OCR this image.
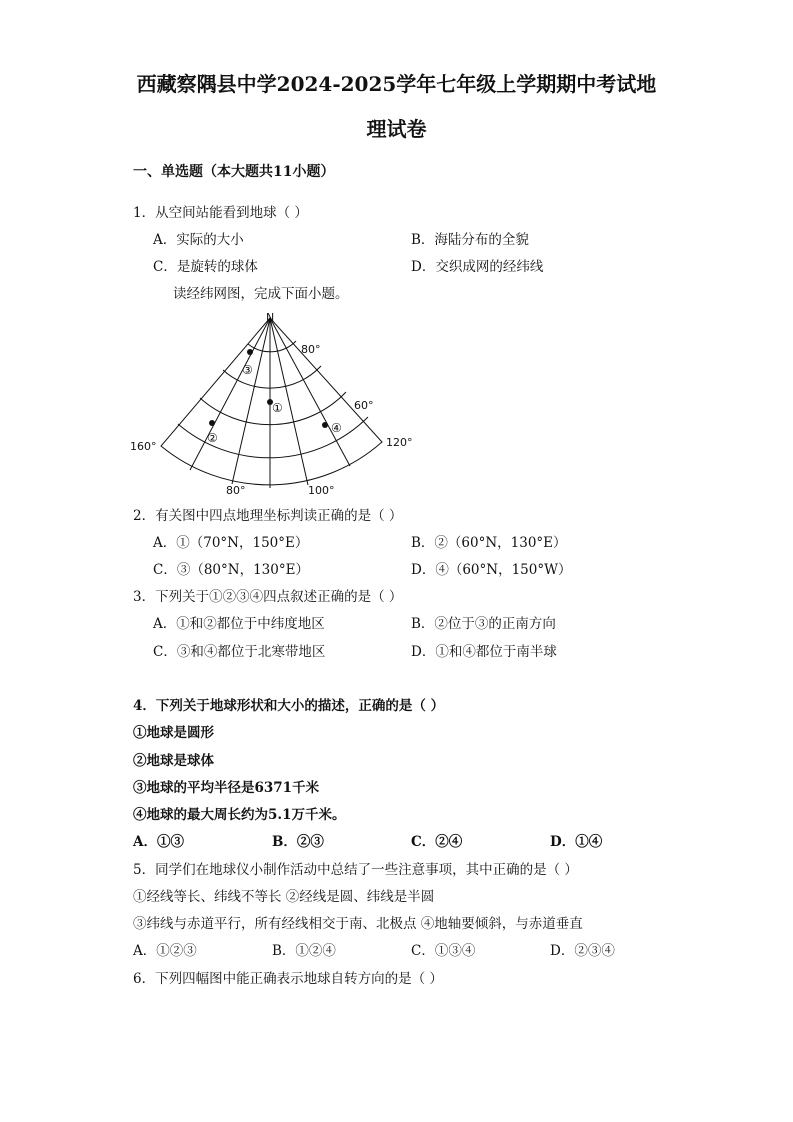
西藏察隅县中学2024-2025学年七年级上学期期中考试地
理试卷
一、单选题（本大题共11小题）
1．从空间站能看到地球（ ）
A．实际的大小	B．海陆分布的全貌
C．是旋转的球体	D．交织成网的经纬线
读经纬网图，完成下面小题。
N
80°
60°
160°	120°
80°	100°
③
①
②
④
2．有关图中四点地理坐标判读正确的是（ ）
A．①（70°N，150°E）	B．②（60°N，130°E）
C．③（80°N，130°E）	D．④（60°N，150°W）
3．下列关于①②③④四点叙述正确的是（ ）
A．①和②都位于中纬度地区	B．②位于③的正南方向
C．③和④都位于北寒带地区	D．①和④都位于南半球
4．下列关于地球形状和大小的描述，正确的是（ ）
①地球是圆形
②地球是球体
③地球的平均半径是6371千米
④地球的最大周长约为5.1万千米。
A．①③	B．②③	C．②④	D．①④
5．同学们在地球仪小制作活动中总结了一些注意事项，其中正确的是（ ）
①经线等长、纬线不等长 ②经线是圆、纬线是半圆
③纬线与赤道平行，所有经线相交于南、北极点 ④地轴要倾斜，与赤道垂直
A．①②③	B．①②④	C．①③④	D．②③④
6．下列四幅图中能正确表示地球自转方向的是（ ）
